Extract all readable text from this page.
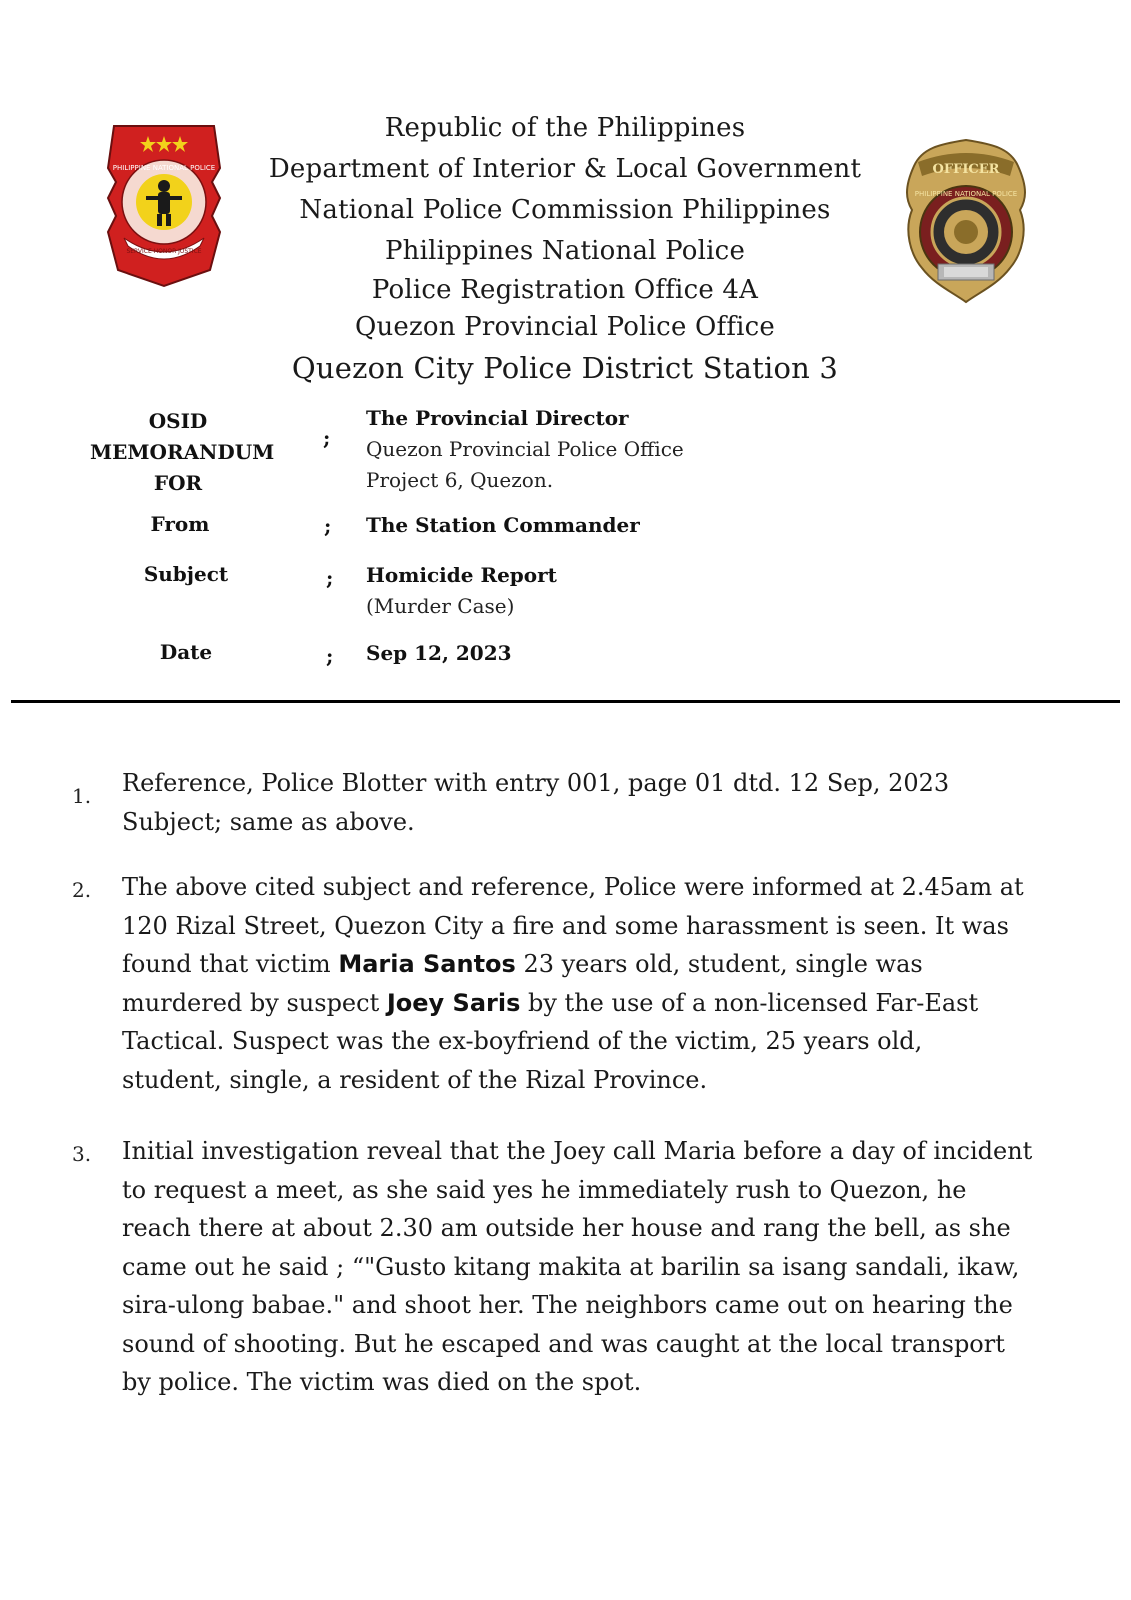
PHILIPPINE NATIONAL POLICE
SERVICE HONOR JUSTICE
OFFICER
PHILIPPINE NATIONAL POLICE
Republic of the Philippines
Department of Interior & Local Government
National Police Commission Philippines
Philippines National Police
Police Registration Office 4A
Quezon Provincial Police Office
Quezon City Police District Station 3
OSID
MEMORANDUM
FOR
;
The Provincial Director
Quezon Provincial Police Office
Project 6, Quezon.
From	; The Station Commander
Subject	; Homicide Report
(Murder Case)
Date	; Sep 12, 2023
1. Reference, Police Blotter with entry 001, page 01 dtd. 12 Sep, 2023
Subject; same as above.
2. The above cited subject and reference, Police were informed at 2.45am at
120 Rizal Street, Quezon City a fire and some harassment is seen. It was
found that victim Maria Santos 23 years old, student, single was
murdered by suspect Joey Saris by the use of a non-licensed Far-East
Tactical. Suspect was the ex-boyfriend of the victim, 25 years old,
student, single, a resident of the Rizal Province.
3. Initial investigation reveal that the Joey call Maria before a day of incident
to request a meet, as she said yes he immediately rush to Quezon, he
reach there at about 2.30 am outside her house and rang the bell, as she
came out he said ; “"Gusto kitang makita at barilin sa isang sandali, ikaw,
sira-ulong babae." and shoot her. The neighbors came out on hearing the
sound of shooting. But he escaped and was caught at the local transport
by police. The victim was died on the spot.
